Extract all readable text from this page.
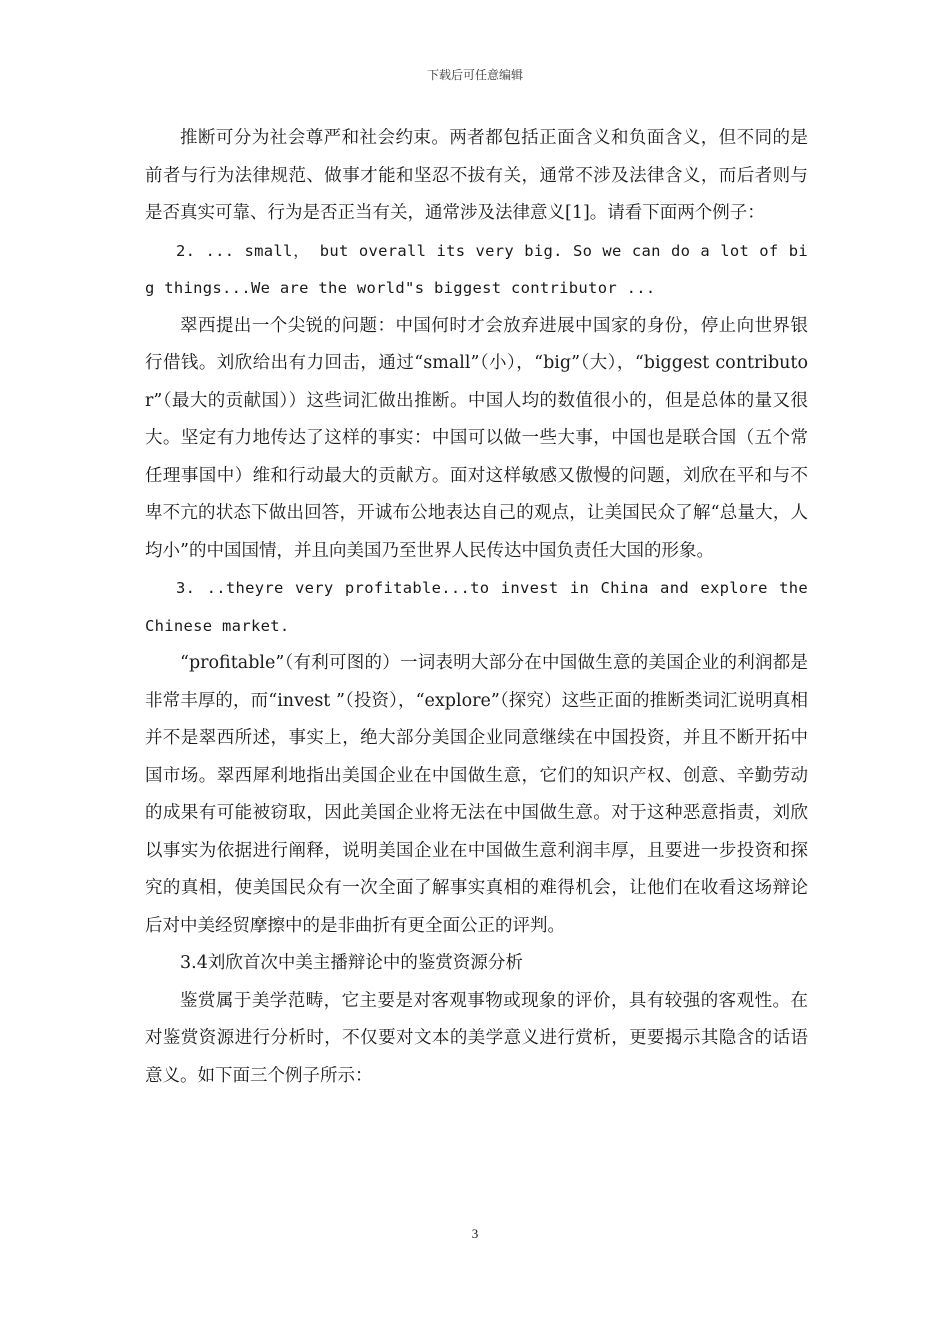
下载后可任意编辑

推断可分为社会尊严和社会约束。两者都包括正面含义和负面含义，但不同的是前者与行为法律规范、做事才能和坚忍不拔有关，通常不涉及法律含义，而后者则与是否真实可靠、行为是否正当有关，通常涉及法律意义[1]。请看下面两个例子：

2. ... small， but overall its very big. So we can do a lot of big things...We are the world"s biggest contributor ...

翠西提出一个尖锐的问题：中国何时才会放弃进展中国家的身份，停止向世界银行借钱。刘欣给出有力回击，通过“small”（小），“big”（大），“biggest contributor”（最大的贡献国））这些词汇做出推断。中国人均的数值很小的，但是总体的量又很大。坚定有力地传达了这样的事实：中国可以做一些大事，中国也是联合国（五个常任理事国中）维和行动最大的贡献方。面对这样敏感又傲慢的问题，刘欣在平和与不卑不亢的状态下做出回答，开诚布公地表达自己的观点，让美国民众了解“总量大，人均小”的中国国情，并且向美国乃至世界人民传达中国负责任大国的形象。

3. ..theyre very profitable...to invest in China and explore the Chinese market.

“profitable”（有利可图的）一词表明大部分在中国做生意的美国企业的利润都是非常丰厚的，而“invest ”（投资），“explore”（探究）这些正面的推断类词汇说明真相并不是翠西所述，事实上，绝大部分美国企业同意继续在中国投资，并且不断开拓中国市场。翠西犀利地指出美国企业在中国做生意，它们的知识产权、创意、辛勤劳动的成果有可能被窃取，因此美国企业将无法在中国做生意。对于这种恶意指责，刘欣以事实为依据进行阐释，说明美国企业在中国做生意利润丰厚，且要进一步投资和探究的真相，使美国民众有一次全面了解事实真相的难得机会，让他们在收看这场辩论后对中美经贸摩擦中的是非曲折有更全面公正的评判。

3.4刘欣首次中美主播辩论中的鉴赏资源分析

鉴赏属于美学范畴，它主要是对客观事物或现象的评价，具有较强的客观性。在对鉴赏资源进行分析时，不仅要对文本的美学意义进行赏析，更要揭示其隐含的话语意义。如下面三个例子所示：

3
